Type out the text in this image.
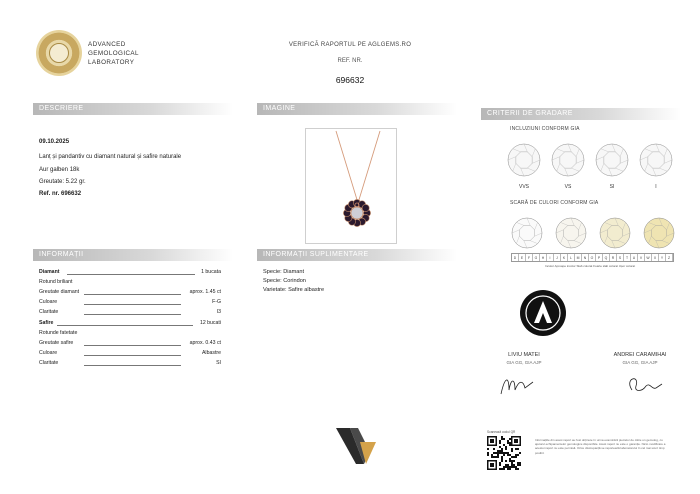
ADVANCED
GEMOLOGICAL
LABORATORY
VERIFICĂ RAPORTUL PE AGLGEMS.RO
REF. NR.
696632
DESCRIERE
09.10.2025
Lanț și pandantiv cu diamant natural și safire naturale
Aur galben 18k
Greutate: 5.22 gr.
Ref. nr. 696632
IMAGINE
CRITERII DE GRADARE
INCLUZIUNI CONFORM GIA
VVS	VS	SI	I
SCARĂ DE CULORI CONFORM GIA
D	E	F	G	H	I	J	K	L	M	N	O	P	Q	R	S	T	U	V	W	X	Y	Z
Incolor Aproape incolor Slab colorat Foarte slab colorat Ușor colorat
LIVIU MATEI
GIA GG, GIA AJP
ANDREI CARAMIHAI
GIA GG, GIA AJP
INFORMAȚII
Diamant	1 bucata
Rotund briliant
Greutate diamant	aprox. 1.45 ct
Culoare	F-G
Claritate	I3
Safire	12 bucati
Rotunde fatetate
Greutate safire	aprox. 0.43 ct
Culoare	Albastre
Claritate	SI
INFORMAȚII SUPLIMENTARE
Specie: Diamant
Specie: Corindon
Varietate: Safire albastre
Scanează codul QR
Informațiile din acest raport au fost obținute în urma examinării pietrelor de către un gemolog, cu ajutorul echipamentelor gemologice disponibile. Acest raport nu este o garanție. Nicio modificare a acestui raport nu este permisă. Orice discrepanță se raportează laboratorului în cel mai scurt timp posibil.
